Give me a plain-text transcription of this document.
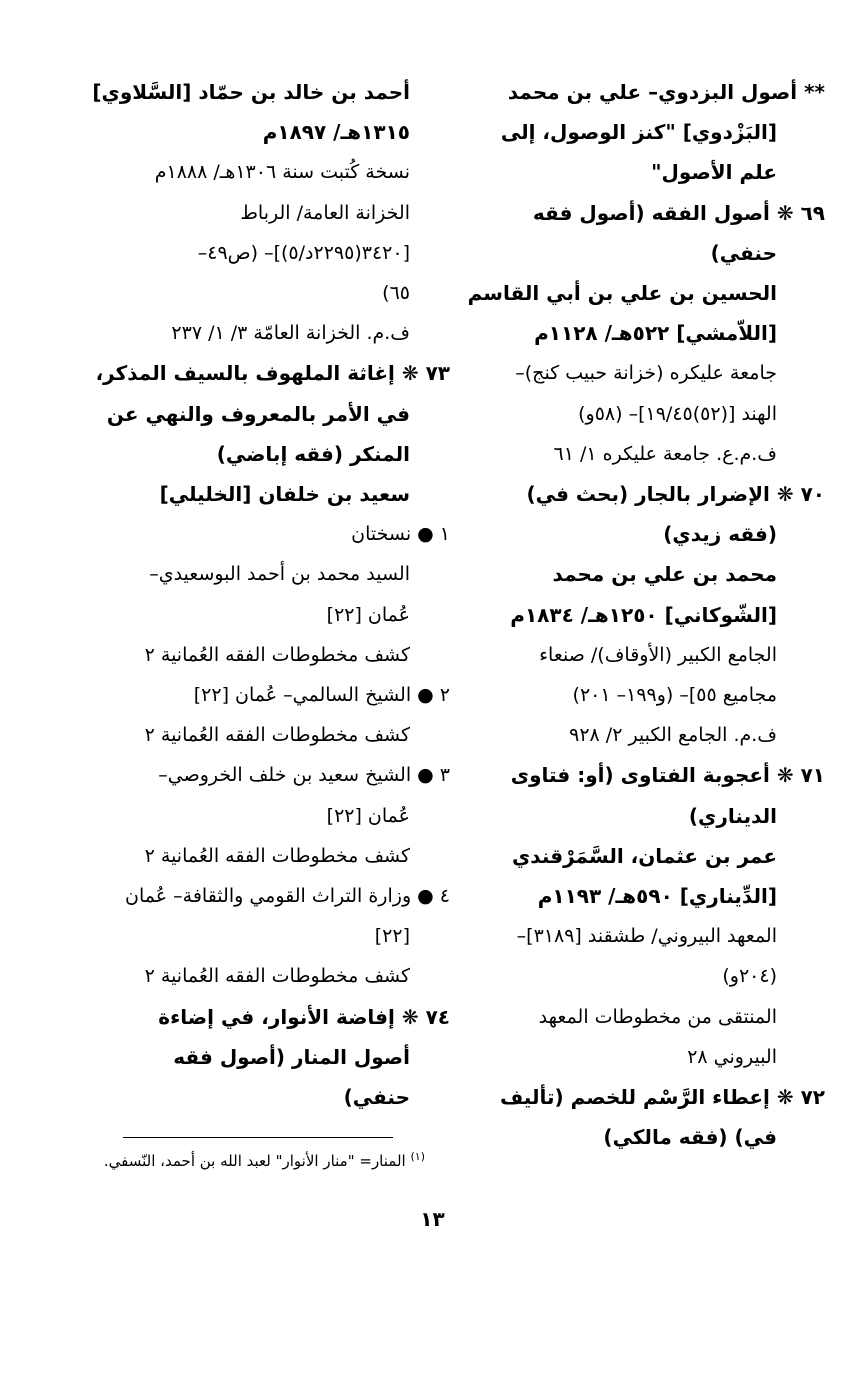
** أصول البزدوي– علي بن محمد
[البَزْدوي] "كنز الوصول، إلى
علم الأصول"
٦٩ ❋ أصول الفقه (أصول فقه
حنفي)
الحسين بن علي بن أبي القاسم
[اللاّمشي] ٥٢٢هـ/ ١١٢٨م
جامعة عليكره (خزانة حبيب كنج)–
الهند [(٥٢)١٩/٤٥]– (٥٨و)
ف.م.ع. جامعة عليكره ١/ ٦١
٧٠ ❋ الإضرار بالجار (بحث في)
(فقه زيدي)
محمد بن علي بن محمد
[الشّوكاني] ١٢٥٠هـ/ ١٨٣٤م
الجامع الكبير (الأوقاف)/ صنعاء
مجاميع ٥٥]– (و١٩٩– ٢٠١)
ف.م. الجامع الكبير ٢/ ٩٢٨
٧١ ❋ أعجوبة الفتاوى (أو: فتاوى
الديناري)
عمر بن عثمان، السَّمَرْقندي
[الدِّيناري] ٥٩٠هـ/ ١١٩٣م
المعهد البيروني/ طشقند [٣١٨٩]–
(٢٠٤و)
المنتقى من مخطوطات المعهد
البيروني ٢٨
٧٢ ❋ إعطاء الرَّسْم للخصم (تأليف
في) (فقه مالكي)
أحمد بن خالد بن حمّاد [السَّلاوي]
١٣١٥هـ/ ١٨٩٧م
نسخة كُتبت سنة ١٣٠٦هـ/ ١٨٨٨م
الخزانة العامة/ الرباط
[٣٤٢٠(٢٢٩٥د/٥)]– (ص٤٩–
٦٥)
ف.م. الخزانة العامّة ٣/ ١/ ٢٣٧
٧٣ ❋ إغاثة الملهوف بالسيف المذكر،
في الأمر بالمعروف والنهي عن
المنكر (فقه إباضي)
سعيد بن خلفان [الخليلي]
١ ● نسختان
السيد محمد بن أحمد البوسعيدي–
عُمان [٢٢]
كشف مخطوطات الفقه العُمانية ٢
٢ ● الشيخ السالمي– عُمان [٢٢]
كشف مخطوطات الفقه العُمانية ٢
٣ ● الشيخ سعيد بن خلف الخروصي–
عُمان [٢٢]
كشف مخطوطات الفقه العُمانية ٢
٤ ● وزارة التراث القومي والثقافة– عُمان
[٢٢]
كشف مخطوطات الفقه العُمانية ٢
٧٤ ❋ إفاضة الأنوار، في إضاءة
أصول المنار (أصول فقه
حنفي)
$^{(١)}$ المنار= "منار الأنوار" لعبد الله بن أحمد، النّسفي.
١٣
